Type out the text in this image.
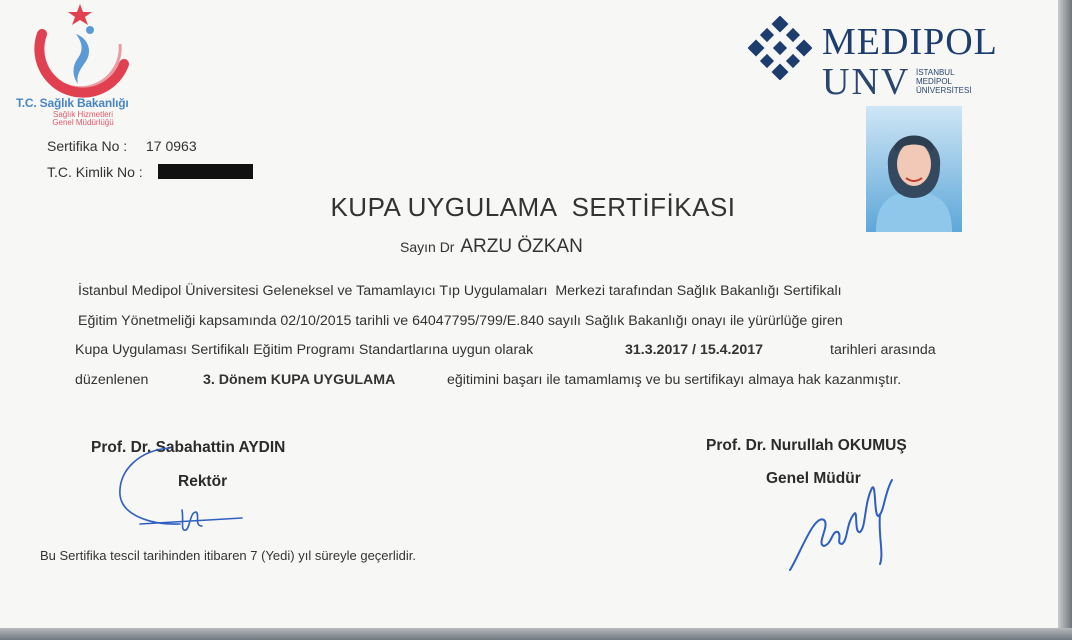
T.C. Sağlık Bakanlığı
Sağlık Hizmetleri
Genel Müdürlüğü
MEDIPOL
UNV İSTANBUL
MEDİPOL
ÜNİVERSİTESİ
Sertifika No : 17 0963
T.C. Kimlik No :
KUPA UYGULAMA  SERTİFİKASI
Sayın Dr ARZU ÖZKAN
İstanbul Medipol Üniversitesi Geleneksel ve Tamamlayıcı Tıp Uygulamaları  Merkezi tarafından Sağlık Bakanlığı Sertifikalı
Eğitim Yönetmeliği kapsamında 02/10/2015 tarihli ve 64047795/799/E.840 sayılı Sağlık Bakanlığı onayı ile yürürlüğe giren
Kupa Uygulaması Sertifikalı Eğitim Programı Standartlarına uygun olarak	31.3.2017 / 15.4.2017	tarihleri arasında
düzenlenen	3. Dönem KUPA UYGULAMA	eğitimini başarı ile tamamlamış ve bu sertifikayı almaya hak kazanmıştır.
Prof. Dr. Sabahattin AYDIN
Rektör
Prof. Dr. Nurullah OKUMUŞ
Genel Müdür
Bu Sertifika tescil tarihinden itibaren 7 (Yedi) yıl süreyle geçerlidir.
